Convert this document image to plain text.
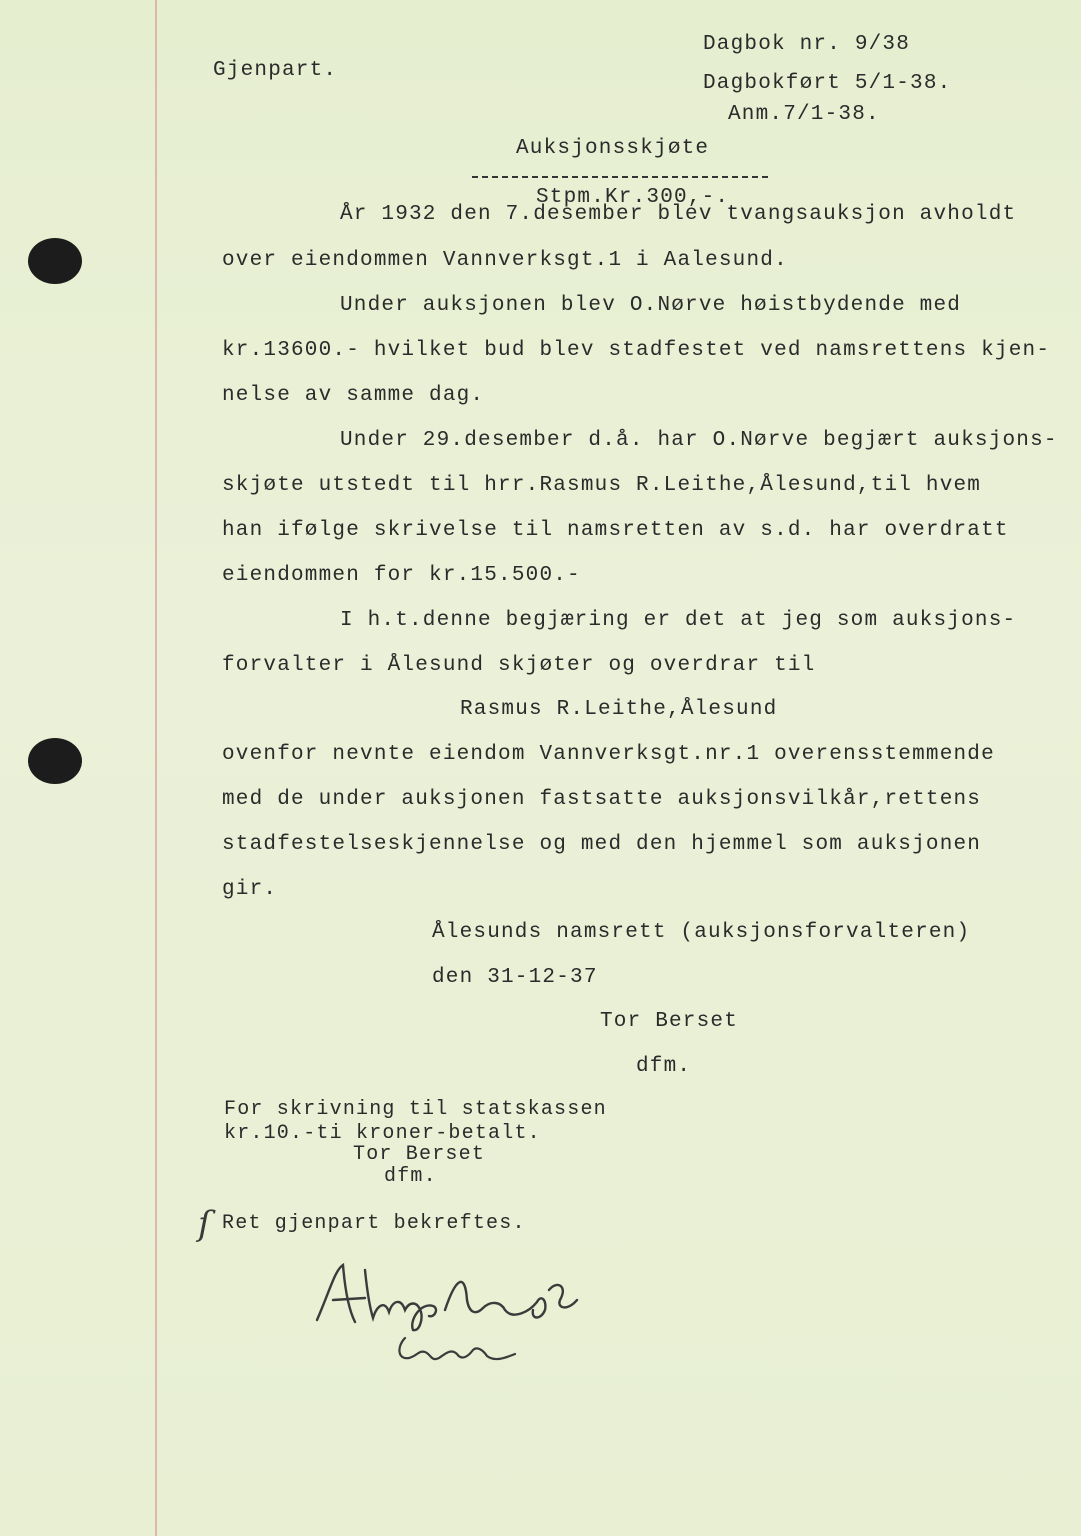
Gjenpart.
Dagbok nr. 9/38
Dagbokført 5/1-38.
Anm.7/1-38.
Auksjonsskjøte
Stpm.Kr.300,-.
År 1932 den 7.desember blev tvangsauksjon avholdt
over eiendommen Vannverksgt.1 i Aalesund.
Under auksjonen blev O.Nørve høistbydende med
kr.13600.- hvilket bud blev stadfestet ved namsrettens kjen-
nelse av samme dag.
Under 29.desember d.å. har O.Nørve begjært auksjons-
skjøte utstedt til hrr.Rasmus R.Leithe,Ålesund,til hvem
han ifølge skrivelse til namsretten av s.d. har overdratt
eiendommen for kr.15.500.-
I h.t.denne begjæring er det at jeg som auksjons-
forvalter i Ålesund skjøter og overdrar til
Rasmus R.Leithe,Ålesund
ovenfor nevnte eiendom Vannverksgt.nr.1 overensstemmende
med de under auksjonen fastsatte auksjonsvilkår,rettens
stadfestelseskjennelse og med den hjemmel som auksjonen
gir.
Ålesunds namsrett (auksjonsforvalteren)
den 31-12-37
Tor Berset
dfm.
For skrivning til statskassen
kr.10.-ti kroner-betalt.
Tor Berset
dfm.
ſ Ret gjenpart bekreftes.
